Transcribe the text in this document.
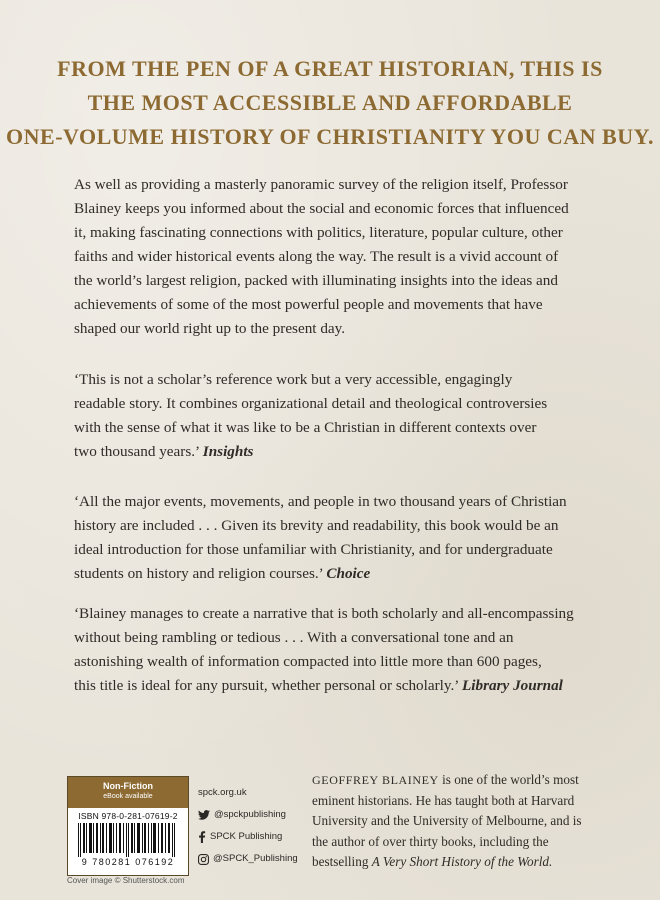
FROM THE PEN OF A GREAT HISTORIAN, THIS IS
THE MOST ACCESSIBLE AND AFFORDABLE
ONE-VOLUME HISTORY OF CHRISTIANITY YOU CAN BUY.
As well as providing a masterly panoramic survey of the religion itself, Professor
Blainey keeps you informed about the social and economic forces that influenced
it, making fascinating connections with politics, literature, popular culture, other
faiths and wider historical events along the way. The result is a vivid account of
the world’s largest religion, packed with illuminating insights into the ideas and
achievements of some of the most powerful people and movements that have
shaped our world right up to the present day.
‘This is not a scholar’s reference work but a very accessible, engagingly
readable story. It combines organizational detail and theological controversies
with the sense of what it was like to be a Christian in different contexts over
two thousand years.’ Insights
‘All the major events, movements, and people in two thousand years of Christian
history are included . . . Given its brevity and readability, this book would be an
ideal introduction for those unfamiliar with Christianity, and for undergraduate
students on history and religion courses.’ Choice
‘Blainey manages to create a narrative that is both scholarly and all-encompassing
without being rambling or tedious . . . With a conversational tone and an
astonishing wealth of information compacted into little more than 600 pages,
this title is ideal for any pursuit, whether personal or scholarly.’ Library Journal
Non-Fiction
eBook available
ISBN 978-0-281-07619-2
9 780281 076192
spck.org.uk
@spckpublishing
SPCK Publishing
@SPCK_Publishing
GEOFFREY BLAINEY is one of the world’s most
eminent historians. He has taught both at Harvard
University and the University of Melbourne, and is
the author of over thirty books, including the
bestselling A Very Short History of the World.
Cover image © Shutterstock.com
